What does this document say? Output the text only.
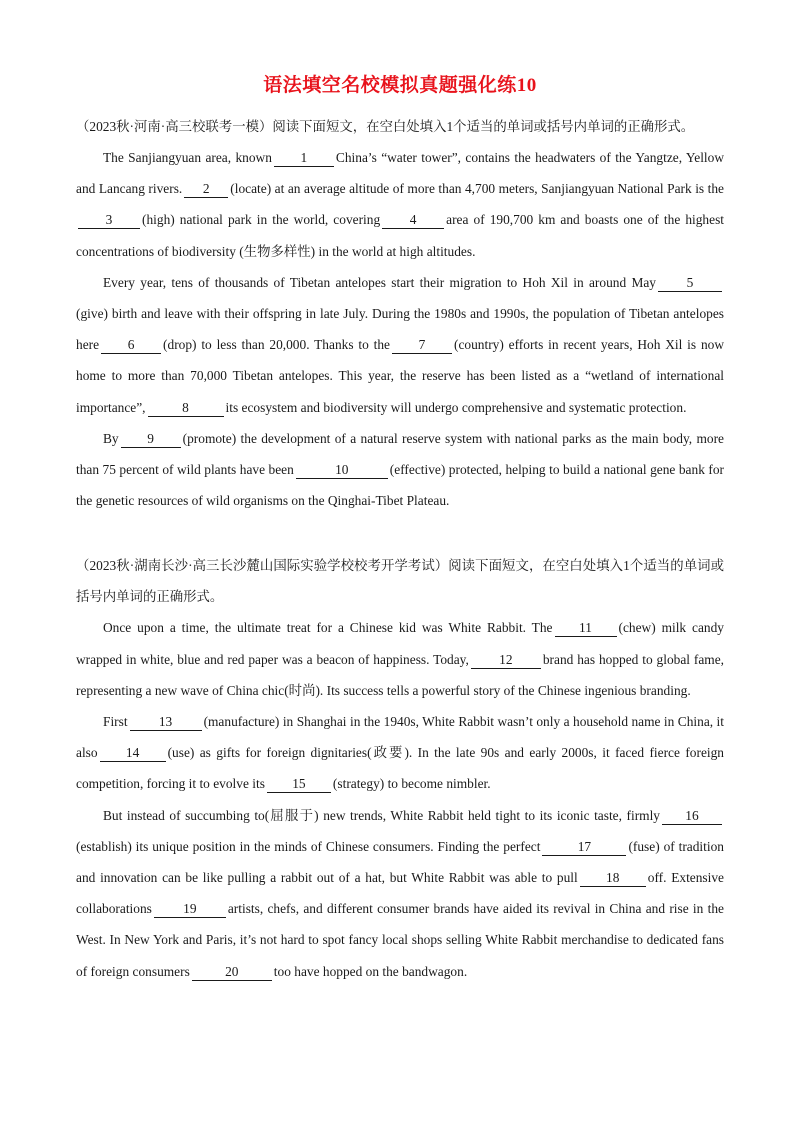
语法填空名校模拟真题强化练10

（2023秋·河南·高三校联考一模）阅读下面短文，在空白处填入1个适当的单词或括号内单词的正确形式。

The Sanjiangyuan area, known 1 China’s “water tower”, contains the headwaters of the Yangtze, Yellow and Lancang rivers. 2 (locate) at an average altitude of more than 4,700 meters, Sanjiangyuan National Park is the3 (high) national park in the world, covering 4 area of 190,700 km and boasts one of the highest concentrations of biodiversity (生物多样性) in the world at high altitudes.

Every year, tens of thousands of Tibetan antelopes start their migration to Hoh Xil in around May 5(give) birth and leave with their offspring in late July. During the 1980s and 1990s, the population of Tibetan antelopes here 6 (drop) to less than 20,000. Thanks to the 7 (country) efforts in recent years, Hoh Xil is now home to more than 70,000 Tibetan antelopes. This year, the reserve has been listed as a “wetland of international importance”,	8	its ecosystem and biodiversity will undergo comprehensive and systematic protection.

By 9 (promote) the development of a natural reserve system with national parks as the main body, more than 75 percent of wild plants have been	10	(effective) protected, helping to build a national gene bank for the genetic resources of wild organisms on the Qinghai-Tibet Plateau.

（2023秋·湖南长沙·高三长沙麓山国际实验学校校考开学考试）阅读下面短文，在空白处填入1个适当的单词或括号内单词的正确形式。

Once upon a time, the ultimate treat for a Chinese kid was White Rabbit. The 11 (chew) milk candy wrapped in white, blue and red paper was a beacon of happiness. Today, 12 brand has hopped to global fame, representing a new wave of China chic(时尚). Its success tells a powerful story of the Chinese ingenious branding.

First 13 (manufacture) in Shanghai in the 1940s, White Rabbit wasn’t only a household name in China, it also 14 (use) as gifts for foreign dignitaries(政要). In the late 90s and early 2000s, it faced fierce foreign competition, forcing it to evolve its 15 (strategy) to become nimbler.

But instead of succumbing to(屈服于) new trends, White Rabbit held tight to its iconic taste, firmly 16(establish) its unique position in the minds of Chinese consumers. Finding the perfect	17	(fuse) of tradition and innovation can be like pulling a rabbit out of a hat, but White Rabbit was able to pull 18 off. Extensive collaborations 19 artists, chefs, and different consumer brands have aided its revival in China and rise in the West. In New York and Paris, it’s not hard to spot fancy local shops selling White Rabbit merchandise to dedicated fans of foreign consumers	20	too have hopped on the bandwagon.
